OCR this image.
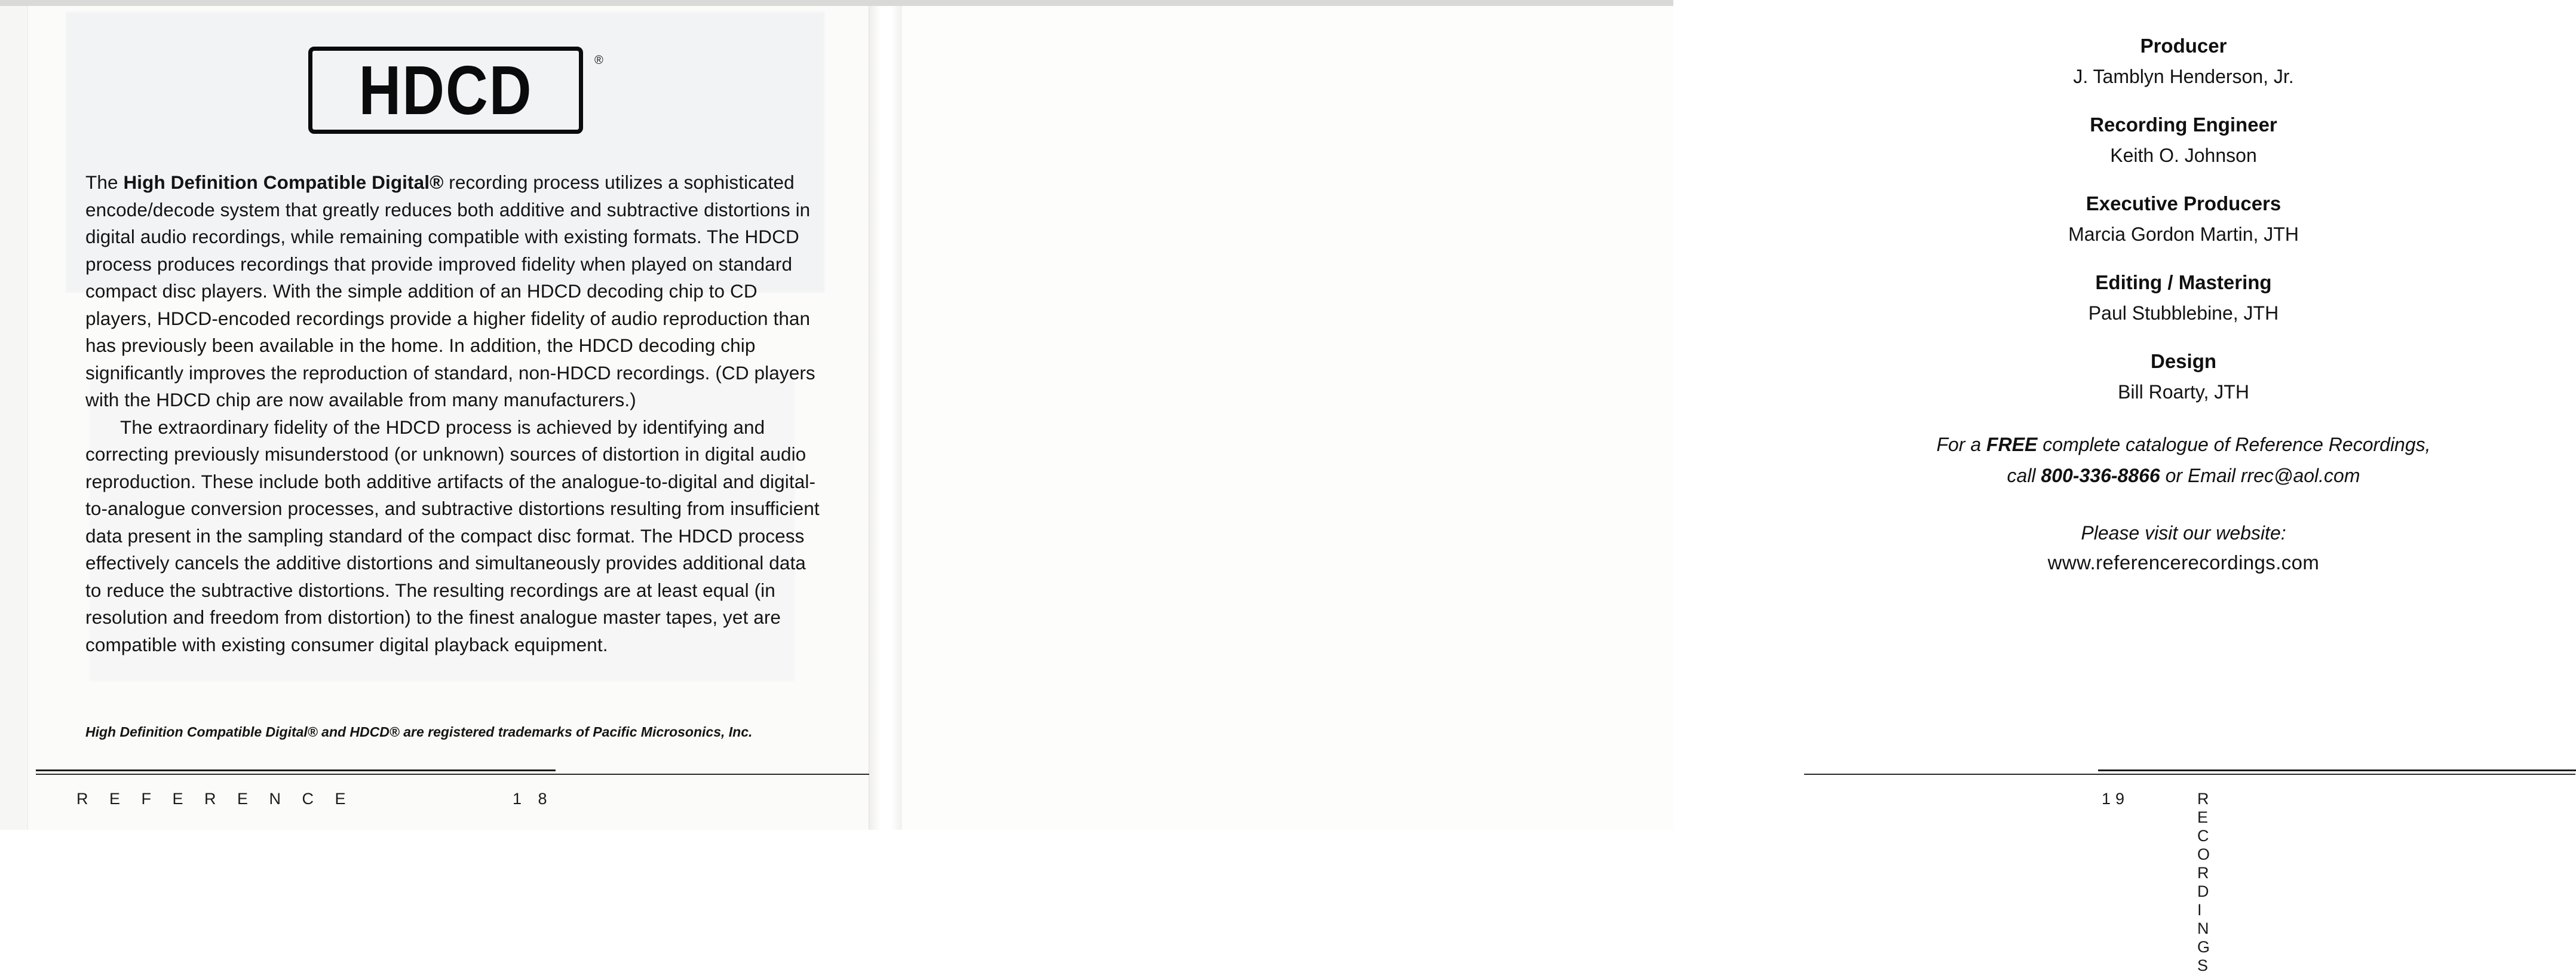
HDCD	®

The High Definition Compatible Digital® recording process utilizes a sophisticated encode/decode system that greatly reduces both additive and subtractive distortions in digital audio recordings, while remaining compatible with existing formats. The HDCD process produces recordings that provide improved fidelity when played on standard compact disc players. With the simple addition of an HDCD decoding chip to CD players, HDCD-encoded recordings provide a higher fidelity of audio reproduction than has previously been available in the home. In addition, the HDCD decoding chip significantly improves the reproduction of standard, non-HDCD recordings. (CD players with the HDCD chip are now available from many manufacturers.)

The extraordinary fidelity of the HDCD process is achieved by identifying and correcting previously misunderstood (or unknown) sources of distortion in digital audio reproduction. These include both additive artifacts of the analogue-to-digital and digital-to-analogue conversion processes, and subtractive distortions resulting from insufficient data present in the sampling standard of the compact disc format. The HDCD process effectively cancels the additive distortions and simultaneously provides additional data to reduce the subtractive distortions. The resulting recordings are at least equal (in resolution and freedom from distortion) to the finest analogue master tapes, yet are compatible with existing consumer digital playback equipment.

High Definition Compatible Digital® and HDCD® are registered trademarks of Pacific Microsonics, Inc.
R E F E R E N C E	1 8
Producer
J. Tamblyn Henderson, Jr.
Recording Engineer
Keith O. Johnson
Executive Producers
Marcia Gordon Martin, JTH
Editing / Mastering
Paul Stubblebine, JTH
Design
Bill Roarty, JTH
For a FREE complete catalogue of Reference Recordings,
call 800-336-8866 or Email rrec@aol.com
Please visit our website:
www.referencerecordings.com
19	R E C O R D I N G S
